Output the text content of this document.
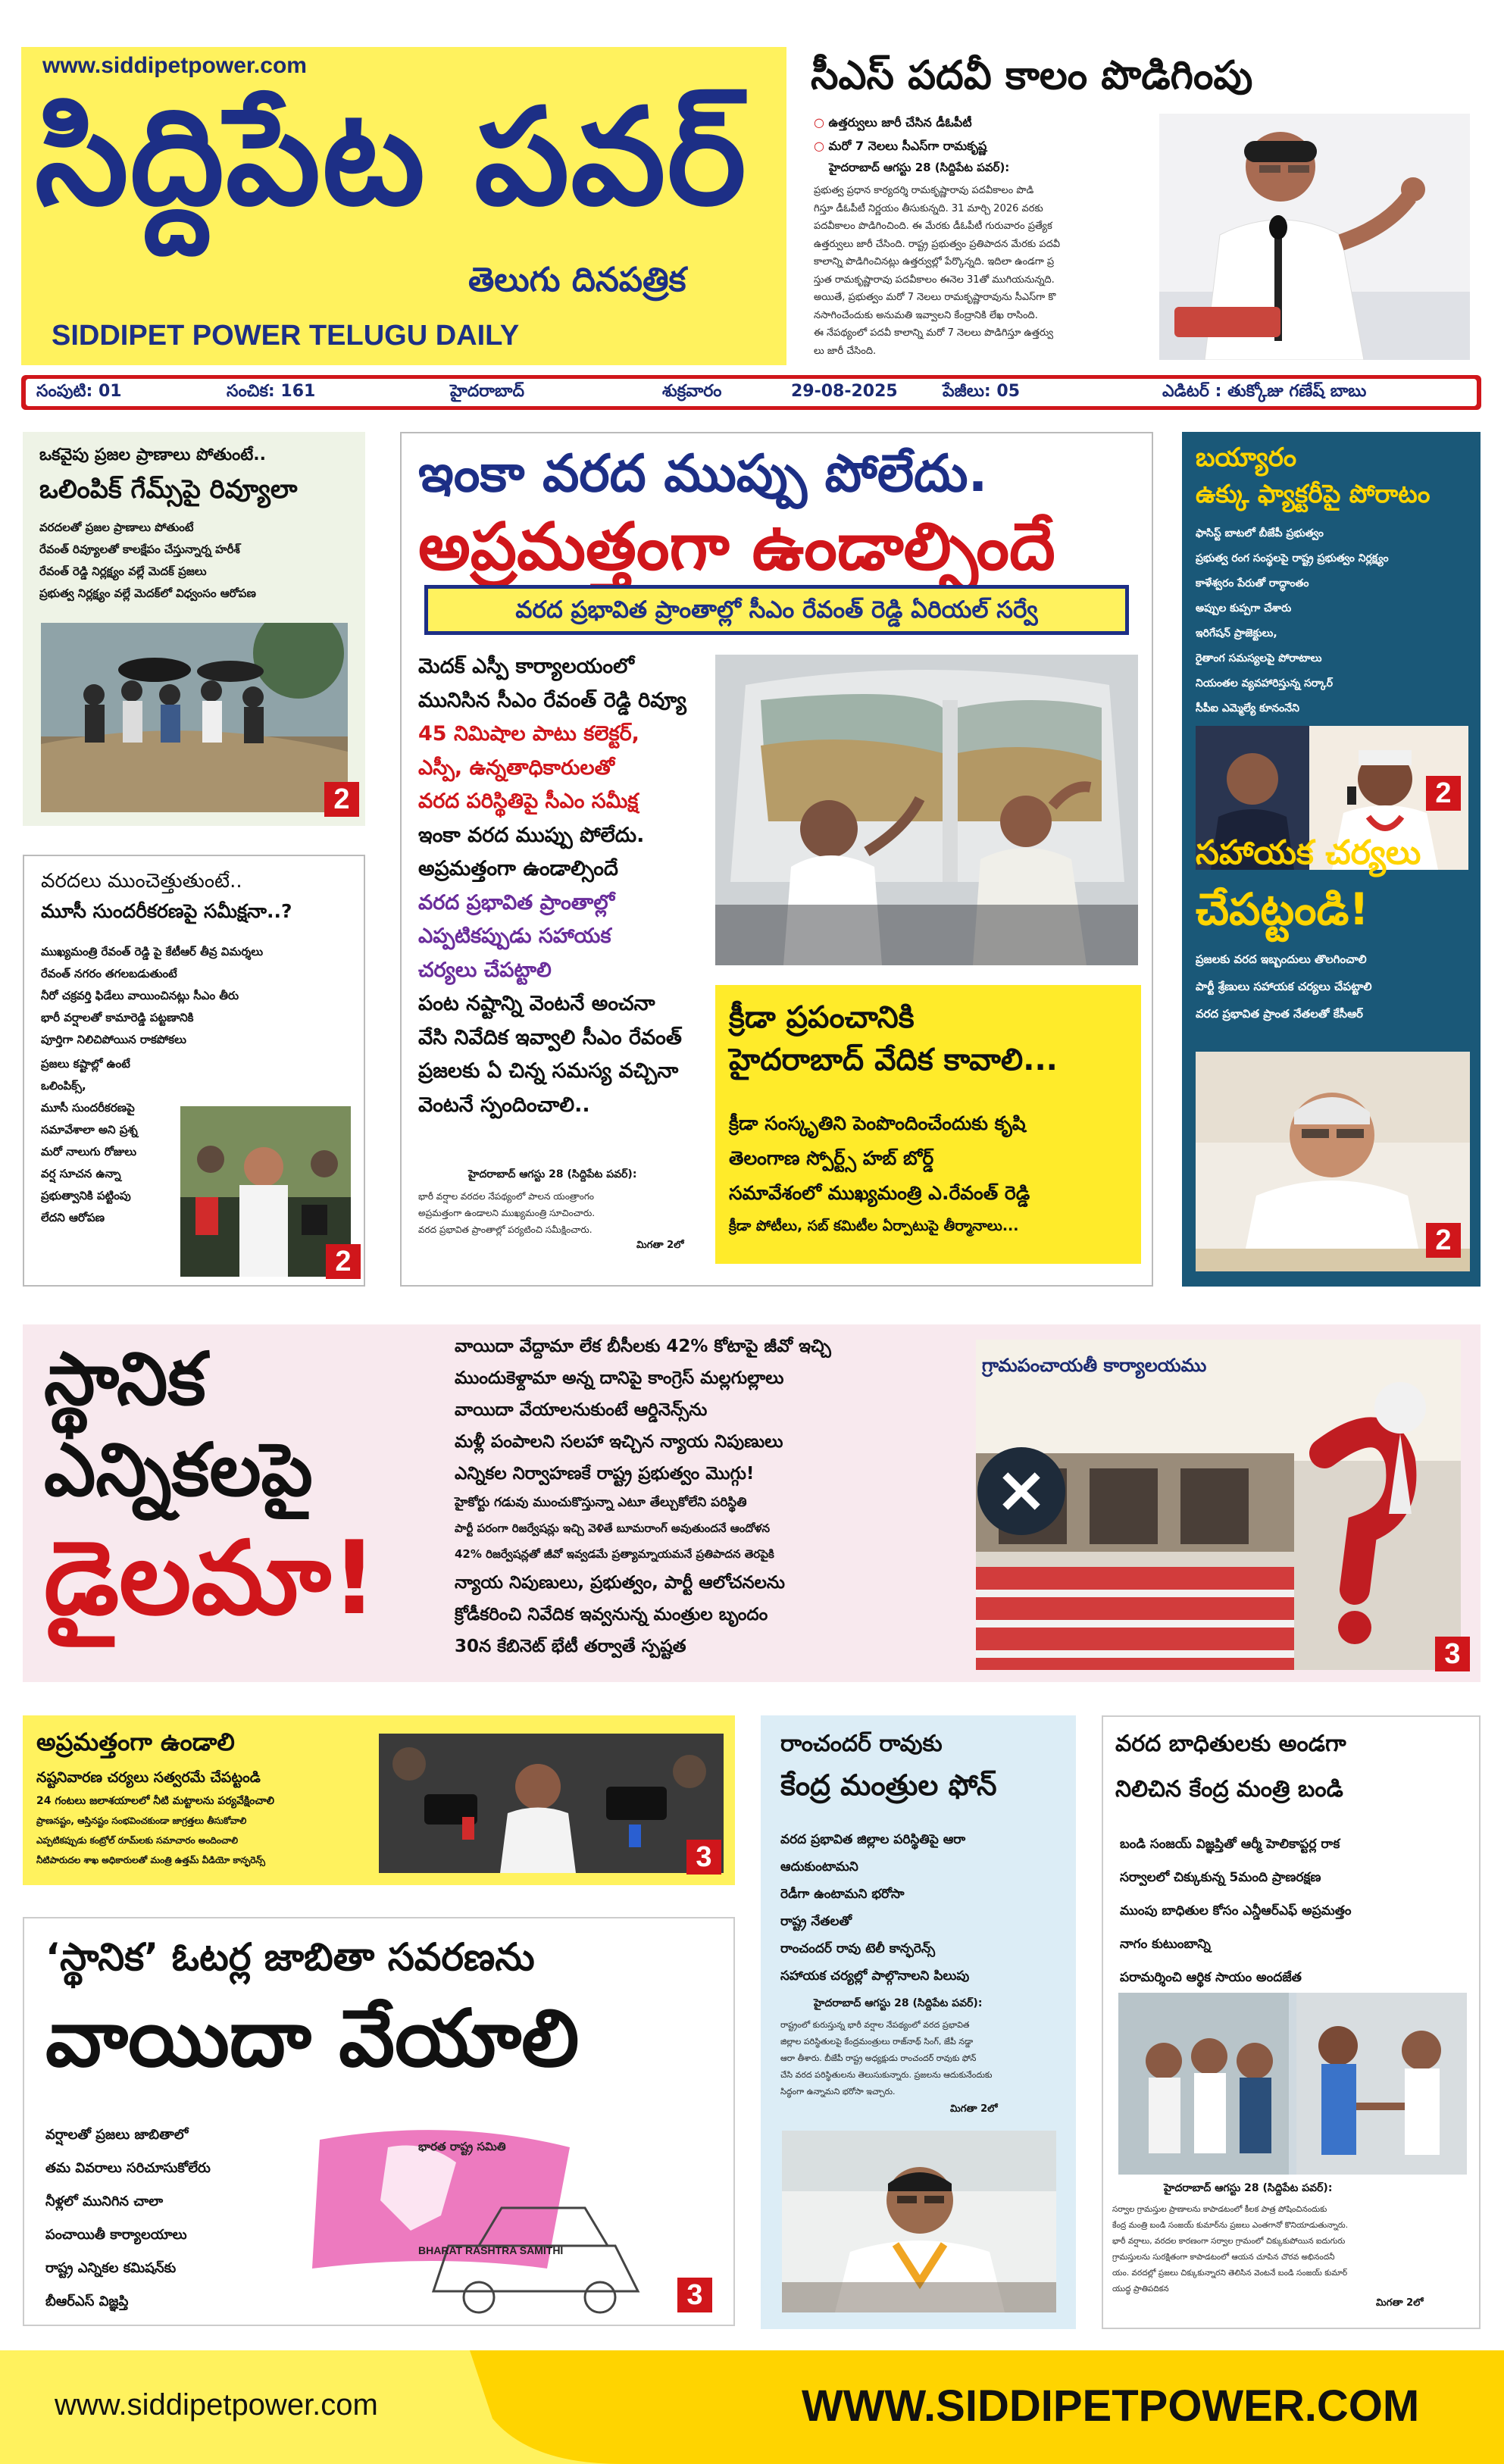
www.siddipetpower.com
సిద్దిపేట పవర్
తెలుగు దినపత్రిక
SIDDIPET POWER TELUGU DAILY
సీఎస్ పదవీ కాలం పొడిగింపు
○ ఉత్తర్వులు జారీ చేసిన డీఓపీటీ
○ మరో 7 నెలలు సీఎస్‌గా రామకృష్ణ
హైదరాబాద్ ఆగస్టు 28 (సిద్దిపేట పవర్):

ప్రభుత్వ ప్రధాన కార్యదర్శి రామకృష్ణారావు పదవీకాలం పొడి

గిస్తూ డీఓపీటీ నిర్ణయం తీసుకున్నది. 31 మార్చి 2026 వరకు

పదవీకాలం పొడిగించింది. ఈ మేరకు డీఓపీటీ గురువారం ప్రత్యేక

ఉత్తర్వులు జారీ చేసింది. రాష్ట్ర ప్రభుత్వం ప్రతిపాదన మేరకు పదవీ

కాలాన్ని పొడిగించినట్లు ఉత్తర్వుల్లో పేర్కొన్నది. ఇదిలా ఉండగా ప్ర

స్తుత రామకృష్ణారావు పదవీకాలం ఈనెల 31తో ముగియనున్నది.

అయితే, ప్రభుత్వం మరో 7 నెలలు రామకృష్ణారావును సీఎస్‌గా కొ

నసాగించేందుకు అనుమతి ఇవ్వాలని కేంద్రానికి లేఖ రాసింది.

ఈ నేపథ్యంలో పదవీ కాలాన్ని మరో 7 నెలలు పొడిగిస్తూ ఉత్తర్వు

లు జారీ చేసింది.

సంపుటి: 01	సంచిక: 161	హైదరాబాద్	శుక్రవారం	29-08-2025	పేజీలు: 05	ఎడిటర్ : తుక్కోజు గణేష్ బాబు
ఒకవైపు ప్రజల ప్రాణాలు పోతుంటే..
ఒలింపిక్ గేమ్స్‌పై రివ్యూలా

వరదలతో ప్రజల ప్రాణాలు పోతుంటే

రేవంత్ రివ్యూలతో కాలక్షేపం చేస్తున్నార్న హరీశ్

రేవంత్ రెడ్డి నిర్లక్ష్యం వల్లే మెదక్ ప్రజలు

ప్రభుత్వ నిర్లక్ష్యం వల్లే మెదక్‌లో విధ్వంసం ఆరోపణ

2
వరదలు ముంచెత్తుతుంటే..
మూసీ సుందరీకరణపై సమీక్షనా..?

ముఖ్యమంత్రి రేవంత్ రెడ్డి పై కేటీఆర్ తీవ్ర విమర్శలు

రేవంత్ నగరం తగలబడుతుంటే

నీరో చక్రవర్తి ఫిడేలు వాయించినట్లు సీఎం తీరు

భారీ వర్షాలతో కామారెడ్డి పట్టణానికి

పూర్తిగా నిలిచిపోయిన రాకపోకలు

ప్రజలు కష్టాల్లో ఉంటే

ఒలింపిక్స్,

మూసీ సుందరీకరణపై

సమావేశాలా అని ప్రశ్న

మరో నాలుగు రోజులు

వర్ష సూచన ఉన్నా

ప్రభుత్వానికి పట్టింపు

లేదని ఆరోపణ

2
ఇంకా వరద ముప్పు పోలేదు.
అప్రమత్తంగా ఉండాల్సిందే
వరద ప్రభావిత ప్రాంతాల్లో సీఎం రేవంత్ రెడ్డి ఏరియల్ సర్వే

మెదక్ ఎస్పీ కార్యాలయంలో

మునిసిన సీఎం రేవంత్ రెడ్డి రివ్యూ

45 నిమిషాల పాటు కలెక్టర్,

ఎస్పీ, ఉన్నతాధికారులతో

వరద పరిస్థితిపై సీఎం సమీక్ష

ఇంకా వరద ముప్పు పోలేదు.

అప్రమత్తంగా ఉండాల్సిందే

వరద ప్రభావిత ప్రాంతాల్లో

ఎప్పటికప్పుడు సహాయక

చర్యలు చేపట్టాలి

పంట నష్టాన్ని వెంటనే అంచనా

వేసి నివేదిక ఇవ్వాలి సీఎం రేవంత్

ప్రజలకు ఏ చిన్న సమస్య వచ్చినా

వెంటనే స్పందించాలి..

హైదరాబాద్ ఆగస్టు 28 (సిద్దిపేట పవర్):

భారీ వర్షాల వరదల నేపథ్యంలో పాలన యంత్రాంగం

అప్రమత్తంగా ఉండాలని ముఖ్యమంత్రి సూచించారు.

వరద ప్రభావిత ప్రాంతాల్లో పర్యటించి సమీక్షించారు.

మిగతా 2లో
క్రీడా ప్రపంచానికి
హైదరాబాద్ వేదిక కావాలి...

క్రీడా సంస్కృతిని పెంపొందించేందుకు కృషి

తెలంగాణ స్పోర్ట్స్ హబ్ బోర్డ్

సమావేశంలో ముఖ్యమంత్రి ఎ.రేవంత్ రెడ్డి

క్రీడా పోటీలు, సబ్ కమిటీల ఏర్పాటుపై తీర్మానాలు...

బయ్యారం
ఉక్కు ఫ్యాక్టరీపై పోరాటం

ఫాసిస్ట్ బాటలో బీజేపీ ప్రభుత్వం

ప్రభుత్వ రంగ సంస్థలపై రాష్ట్ర ప్రభుత్వం నిర్లక్ష్యం

కాళేశ్వరం పేరుతో రాద్ధాంతం

అప్పుల కుప్పగా చేశారు

ఇరిగేషన్ ప్రాజెక్టులు,

రైతాంగ సమస్యలపై పోరాటాలు

నియంతల వ్యవహారిస్తున్న సర్కార్

సీపీఐ ఎమ్మెల్యే కూనంనేని

2
సహాయక చర్యలు
చేపట్టండి!

ప్రజలకు వరద ఇబ్బందులు తొలగించాలి

పార్టీ శ్రేణులు సహాయక చర్యలు చేపట్టాలి

వరద ప్రభావిత ప్రాంత నేతలతో కేసీఆర్

2
స్థానిక
ఎన్నికలపై
డైలమా!

వాయిదా వేద్దామా లేక బీసీలకు 42% కోటాపై జీవో ఇచ్చి

ముందుకెళ్దామా అన్న దానిపై కాంగ్రెస్ మల్లగుల్లాలు

వాయిదా వేయాలనుకుంటే ఆర్డినెన్స్‌ను

మళ్లీ పంపాలని సలహా ఇచ్చిన న్యాయ నిపుణులు

ఎన్నికల నిర్వాహణకే రాష్ట్ర ప్రభుత్వం మొగ్గు!

హైకోర్టు గడువు ముంచుకొస్తున్నా ఎటూ తేల్చుకోలేని పరిస్థితి

పార్టీ పరంగా రిజర్వేషన్లు ఇచ్చి వెళితే బూమరాంగ్ అవుతుందనే ఆందోళన

42% రిజర్వేషన్లతో జీవో ఇవ్వడమే ప్రత్యామ్నాయమనే ప్రతిపాదన తెరపైకి

న్యాయ నిపుణులు, ప్రభుత్వం, పార్టీ ఆలోచనలను

క్రోడీకరించి నివేదిక ఇవ్వనున్న మంత్రుల బృందం

30న కేబినెట్ భేటీ తర్వాతే స్పష్టత

గ్రామపంచాయతీ కార్యాలయము
3
అప్రమత్తంగా ఉండాలి

నష్టనివారణ చర్యలు సత్వరమే చేపట్టండి

24 గంటలు జలాశయాలలో నీటి మట్టాలను పర్యవేక్షించాలి

ప్రాణనష్టం, ఆస్తినష్టం సంభవించకుండా జాగ్రత్తలు తీసుకోవాలి

ఎప్పటికప్పుడు కంట్రోల్ రూమ్‌లకు సమాచారం అందించాలి

నీటిపారుదల శాఖ అధికారులతో మంత్రి ఉత్తమ్ వీడియో కాన్ఫరెన్స్	3
‘స్థానిక’ ఓటర్ల జాబితా సవరణను
వాయిదా వేయాలి

వర్షాలతో ప్రజలు జాబితాలో

తమ వివరాలు సరిచూసుకోలేరు

నీళ్లలో మునిగిన చాలా

పంచాయితీ కార్యాలయాలు

రాష్ట్ర ఎన్నికల కమిషన్‌కు

బీఆర్ఎస్ విజ్ఞప్తి

భారత రాష్ట్ర సమితి
BHARAT RASHTRA SAMITHI
3
రాంచందర్ రావుకు
కేంద్ర మంత్రుల ఫోన్

వరద ప్రభావిత జిల్లాల పరిస్థితిపై ఆరా

ఆదుకుంటామని

రెడీగా ఉంటామని భరోసా

రాష్ట్ర నేతలతో

రాంచందర్ రావు టెలీ కాన్ఫరెన్స్

సహాయక చర్యల్లో పాల్గొనాలని పిలుపు

హైదరాబాద్ ఆగస్టు 28 (సిద్దిపేట పవర్):

రాష్ట్రంలో కురుస్తున్న భారీ వర్షాల నేపథ్యంలో వరద ప్రభావిత

జిల్లాల పరిస్థితులపై కేంద్రమంత్రులు రాజ్‌నాథ్ సింగ్, జేపీ నడ్డా

ఆరా తీశారు. బీజేపీ రాష్ట్ర అధ్యక్షుడు రాంచందర్ రావుకు ఫోన్

చేసి వరద పరిస్థితులను తెలుసుకున్నారు. ప్రజలను ఆదుకునేందుకు

సిద్ధంగా ఉన్నామని భరోసా ఇచ్చారు.

మిగతా 2లో
వరద బాధితులకు అండగా
నిలిచిన కేంద్ర మంత్రి బండి

బండి సంజయ్ విజ్ఞప్తితో ఆర్మీ హెలికాప్టర్ల రాక

సర్వాలలో చిక్కుకున్న 5మంది ప్రాణరక్షణ

ముంపు బాధితుల కోసం ఎన్డీఆర్ఎఫ్ అప్రమత్తం

నాగం కుటుంబాన్ని

పరామర్శించి ఆర్థిక సాయం అందజేత

హైదరాబాద్ ఆగస్టు 28 (సిద్దిపేట పవర్):

సర్వాల గ్రామస్తుల ప్రాణాలను కాపాడటంలో కీలక పాత్ర పోషించినందుకు

కేంద్ర మంత్రి బండి సంజయ్ కుమార్‌ను ప్రజలు ఎంతగానో కొనియాడుతున్నారు.

భారీ వర్షాలు, వరదల కారణంగా సర్వాల గ్రామంలో చిక్కుకుపోయిన ఐదుగురు

గ్రామస్తులను సురక్షితంగా కాపాడటంలో ఆయన చూపిన చొరవ అభినందనీ

యం. వరదల్లో ప్రజలు చిక్కుకున్నారని తెలిసిన వెంటనే బండి సంజయ్ కుమార్

యుద్ధ ప్రాతిపదికన

మిగతా 2లో
www.siddipetpower.com	WWW.SIDDIPETPOWER.COM
